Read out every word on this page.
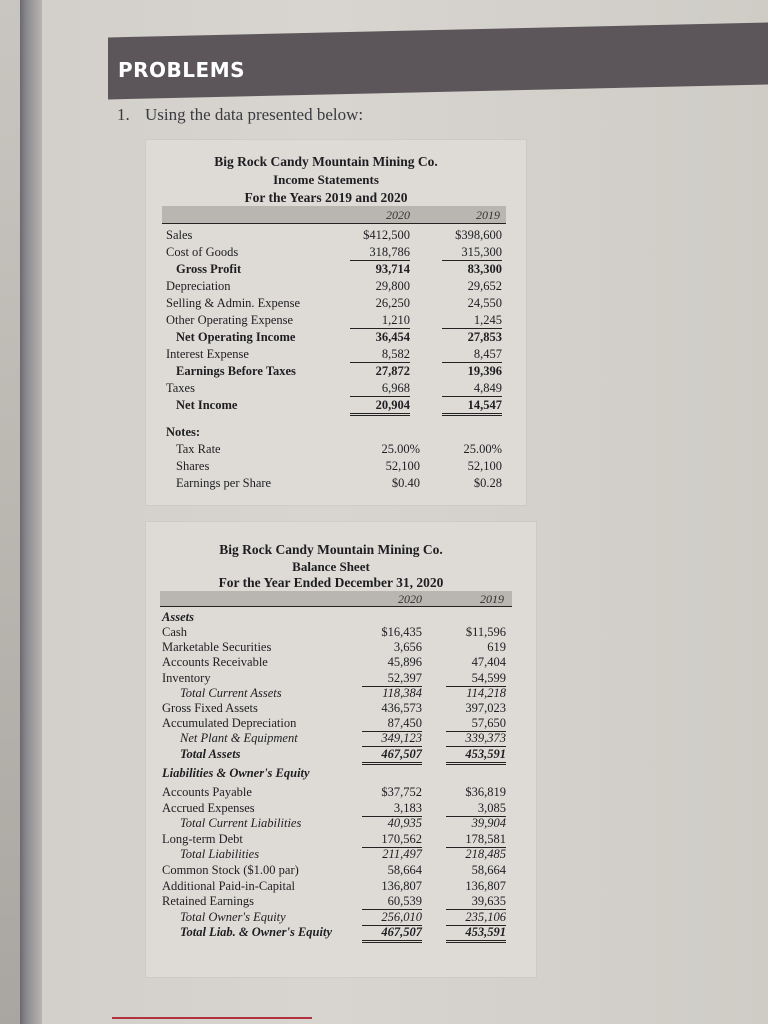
PROBLEMS
1. Using the data presented below:
Big Rock Candy Mountain Mining Co.
Income Statements
For the Years 2019 and 2020
2020	2019
Sales	$412,500	$398,600
Cost of Goods	318,786	315,300
Gross Profit	93,714	83,300
Depreciation	29,800	29,652
Selling & Admin. Expense	26,250	24,550
Other Operating Expense	1,210	1,245
Net Operating Income	36,454	27,853
Interest Expense	8,582	8,457
Earnings Before Taxes	27,872	19,396
Taxes	6,968	4,849
Net Income	20,904	14,547
Notes:
Tax Rate	25.00%	25.00%
Shares	52,100	52,100
Earnings per Share	$0.40	$0.28
Big Rock Candy Mountain Mining Co.
Balance Sheet
For the Year Ended December 31, 2020
2020	2019
Assets
Cash	$16,435	$11,596
Marketable Securities	3,656	619
Accounts Receivable	45,896	47,404
Inventory	52,397	54,599
Total Current Assets	118,384	114,218
Gross Fixed Assets	436,573	397,023
Accumulated Depreciation	87,450	57,650
Net Plant & Equipment	349,123	339,373
Total Assets	467,507	453,591
Liabilities & Owner's Equity
Accounts Payable	$37,752	$36,819
Accrued Expenses	3,183	3,085
Total Current Liabilities	40,935	39,904
Long-term Debt	170,562	178,581
Total Liabilities	211,497	218,485
Common Stock ($1.00 par)	58,664	58,664
Additional Paid-in-Capital	136,807	136,807
Retained Earnings	60,539	39,635
Total Owner's Equity	256,010	235,106
Total Liab. & Owner's Equity	467,507	453,591
